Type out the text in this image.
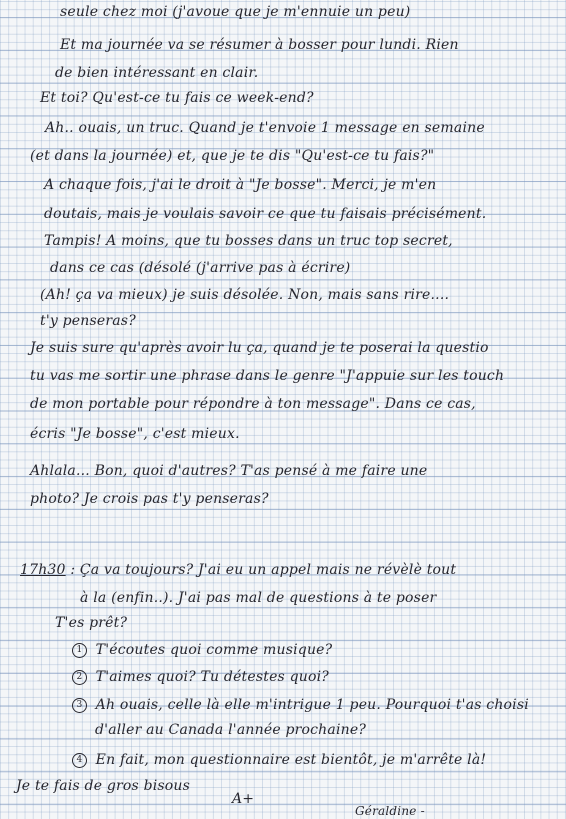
seule chez moi (j'avoue que je m'ennuie un peu)
Et ma journée va se résumer à bosser pour lundi. Rien
de bien intéressant en clair.
Et toi? Qu'est-ce tu fais ce week-end?
Ah.. ouais, un truc. Quand je t'envoie 1 message en semaine
(et dans la journée) et, que je te dis "Qu'est-ce tu fais?"
A chaque fois, j'ai le droit à "Je bosse". Merci, je m'en
doutais, mais je voulais savoir ce que tu faisais précisément.
Tampis! A moins, que tu bosses dans un truc top secret,
dans ce cas (désolé (j'arrive pas à écrire)
(Ah! ça va mieux) je suis désolée. Non, mais sans rire....
t'y penseras?
Je suis sure qu'après avoir lu ça, quand je te poserai la questio
tu vas me sortir une phrase dans le genre "J'appuie sur les touch
de mon portable pour répondre à ton message". Dans ce cas,
écris "Je bosse", c'est mieux.
Ahlala... Bon, quoi d'autres? T'as pensé à me faire une
photo? Je crois pas t'y penseras?
17h30 : Ça va toujours? J'ai eu un appel mais ne révèlè tout
à la (enfin..). J'ai pas mal de questions à te poser
T'es prêt?
1 T'écoutes quoi comme musique?
2 T'aimes quoi? Tu détestes quoi?
3 Ah ouais, celle là elle m'intrigue 1 peu. Pourquoi t'as choisi
d'aller au Canada l'année prochaine?
4 En fait, mon questionnaire est bientôt, je m'arrête là!
Je te fais de gros bisous
A+
Géraldine -
